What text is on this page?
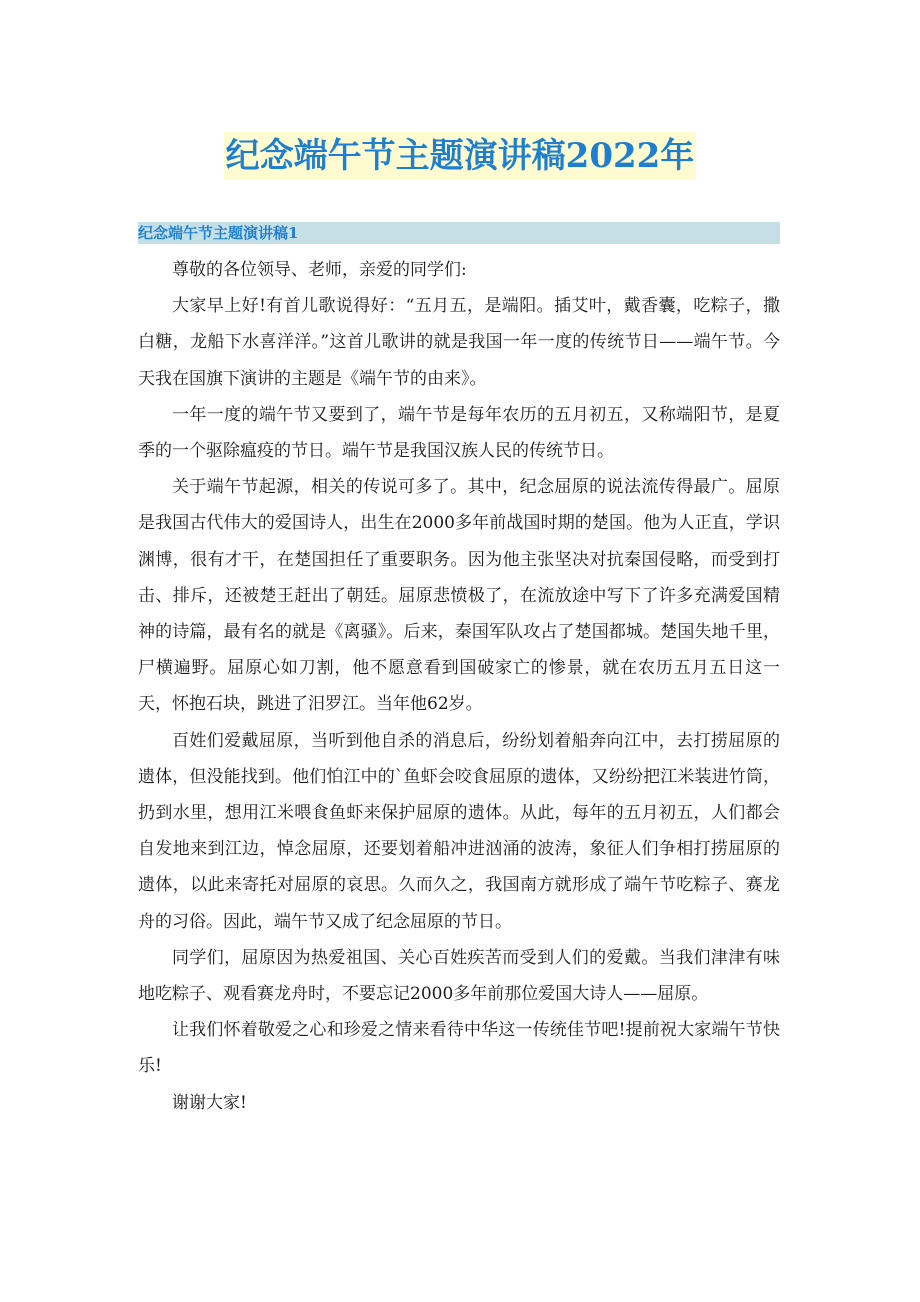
纪念端午节主题演讲稿2022年
纪念端午节主题演讲稿1

尊敬的各位领导、老师，亲爱的同学们:

大家早上好!有首儿歌说得好：“五月五，是端阳。插艾叶，戴香囊，吃粽子，撒白糖，龙船下水喜洋洋。”这首儿歌讲的就是我国一年一度的传统节日——端午节。今天我在国旗下演讲的主题是《端午节的由来》。

一年一度的端午节又要到了，端午节是每年农历的五月初五，又称端阳节，是夏季的一个驱除瘟疫的节日。端午节是我国汉族人民的传统节日。

关于端午节起源，相关的传说可多了。其中，纪念屈原的说法流传得最广。屈原是我国古代伟大的爱国诗人，出生在2000多年前战国时期的楚国。他为人正直，学识渊博，很有才干，在楚国担任了重要职务。因为他主张坚决对抗秦国侵略，而受到打击、排斥，还被楚王赶出了朝廷。屈原悲愤极了，在流放途中写下了许多充满爱国精神的诗篇，最有名的就是《离骚》。后来，秦国军队攻占了楚国都城。楚国失地千里，尸横遍野。屈原心如刀割，他不愿意看到国破家亡的惨景，就在农历五月五日这一天，怀抱石块，跳进了汨罗江。当年他62岁。

百姓们爱戴屈原，当听到他自杀的消息后，纷纷划着船奔向江中，去打捞屈原的遗体，但没能找到。他们怕江中的`鱼虾会咬食屈原的遗体，又纷纷把江米装进竹筒，扔到水里，想用江米喂食鱼虾来保护屈原的遗体。从此，每年的五月初五，人们都会自发地来到江边，悼念屈原，还要划着船冲进汹涌的波涛，象征人们争相打捞屈原的遗体，以此来寄托对屈原的哀思。久而久之，我国南方就形成了端午节吃粽子、赛龙舟的习俗。因此，端午节又成了纪念屈原的节日。

同学们，屈原因为热爱祖国、关心百姓疾苦而受到人们的爱戴。当我们津津有味地吃粽子、观看赛龙舟时，不要忘记2000多年前那位爱国大诗人——屈原。

让我们怀着敬爱之心和珍爱之情来看待中华这一传统佳节吧!提前祝大家端午节快乐!

谢谢大家!
